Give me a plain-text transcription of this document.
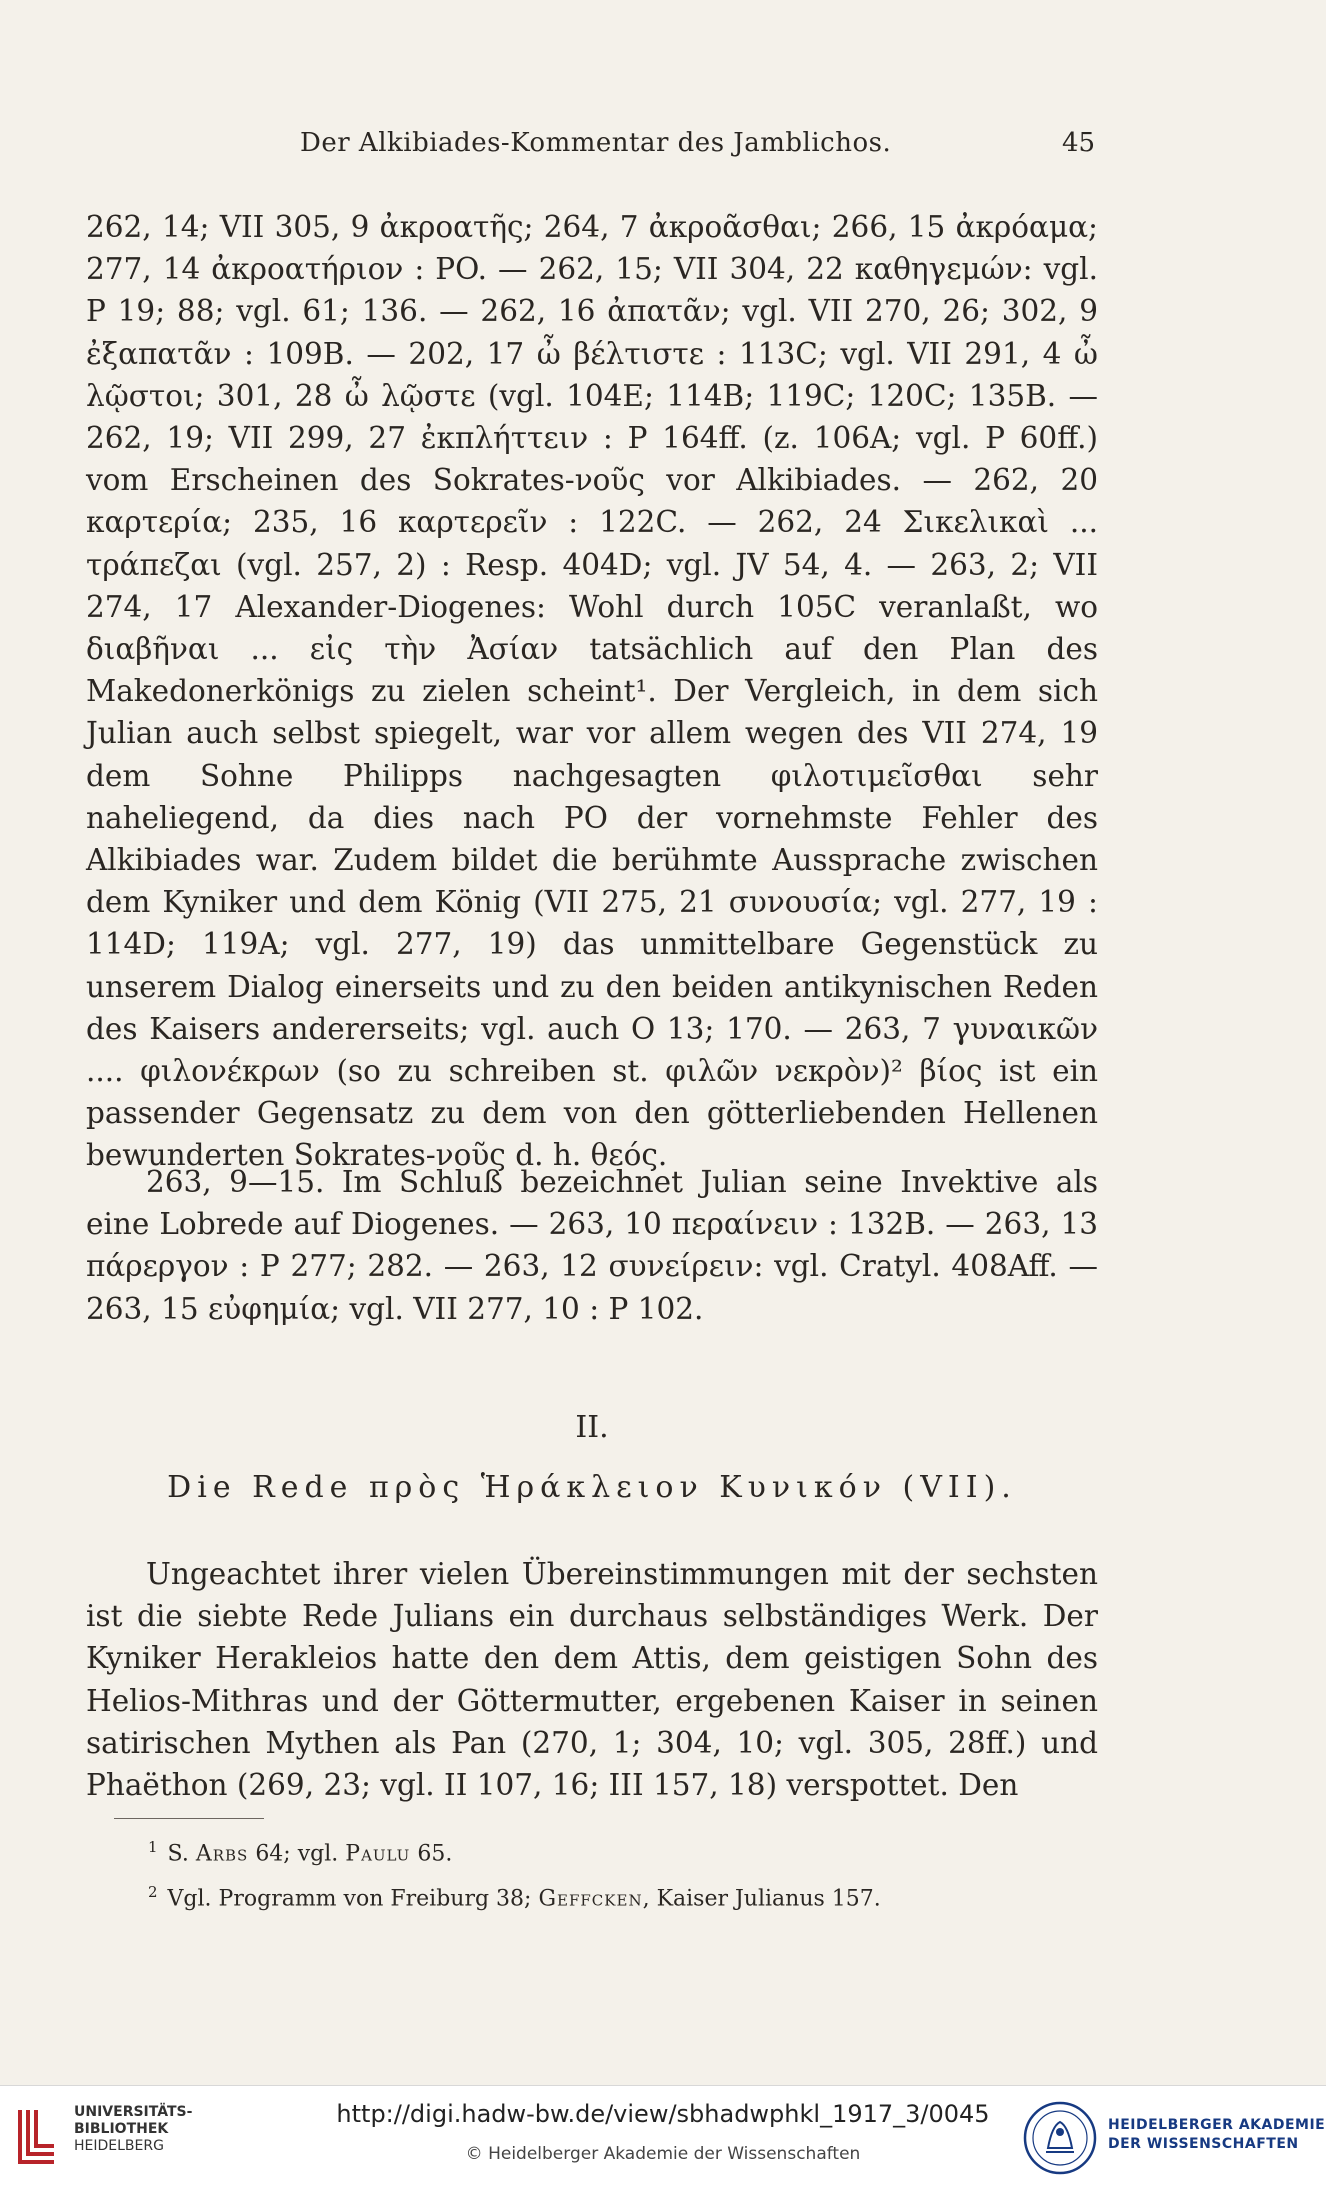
Der Alkibiades-Kommentar des Jamblichos.	45

262, 14; VII 305, 9 ἀκροατῆς; 264, 7 ἀκροᾶσθαι; 266, 15 ἀκρόαμα; 277, 14 ἀκροατήριον : PO. — 262, 15; VII 304, 22 καθηγεμών: vgl. P 19; 88; vgl. 61; 136. — 262, 16 ἀπατᾶν; vgl. VII 270, 26; 302, 9 ἐξαπατᾶν : 109B. — 202, 17 ὦ βέλτιστε : 113C; vgl. VII 291, 4 ὦ λῷστοι; 301, 28 ὦ λῷστε (vgl. 104E; 114B; 119C; 120C; 135B. — 262, 19; VII 299, 27 ἐκπλήττειν : P 164ff. (z. 106A; vgl. P 60ff.) vom Erscheinen des Sokrates-νοῦς vor Alkibiades. — 262, 20 καρτερία; 235, 16 καρτερεῖν : 122C. — 262, 24 Σικελικαὶ ... τράπεζαι (vgl. 257, 2) : Resp. 404D; vgl. JV 54, 4. — 263, 2; VII 274, 17 Alexander-Diogenes: Wohl durch 105C veranlaßt, wo διαβῆναι ... εἰς τὴν Ἀσίαν tatsächlich auf den Plan des Makedonerkönigs zu zielen scheint¹. Der Vergleich, in dem sich Julian auch selbst spiegelt, war vor allem wegen des VII 274, 19 dem Sohne Philipps nachgesagten φιλοτιμεῖσθαι sehr naheliegend, da dies nach PO der vornehmste Fehler des Alkibiades war. Zudem bildet die berühmte Aussprache zwischen dem Kyniker und dem König (VII 275, 21 συνουσία; vgl. 277, 19 : 114D; 119A; vgl. 277, 19) das unmittelbare Gegenstück zu unserem Dialog einerseits und zu den beiden antikynischen Reden des Kaisers andererseits; vgl. auch O 13; 170. — 263, 7 γυναικῶν .... φιλονέκρων (so zu schreiben st. φιλῶν νεκρὸν)² βίος ist ein passender Gegensatz zu dem von den götterliebenden Hellenen bewunderten Sokrates-νοῦς d. h. θεός.

263, 9—15. Im Schluß bezeichnet Julian seine Invektive als eine Lobrede auf Diogenes. — 263, 10 περαίνειν : 132B. — 263, 13 πάρεργον : P 277; 282. — 263, 12 συνείρειν: vgl. Cratyl. 408Aff. — 263, 15 εὐφημία; vgl. VII 277, 10 : P 102.

II.
Die Rede πρὸς Ἡράκλειον Κυνικόν (VII).

Ungeachtet ihrer vielen Übereinstimmungen mit der sechsten ist die siebte Rede Julians ein durchaus selbständiges Werk. Der Kyniker Herakleios hatte den dem Attis, dem geistigen Sohn des Helios-Mithras und der Göttermutter, ergebenen Kaiser in seinen satirischen Mythen als Pan (270, 1; 304, 10; vgl. 305, 28ff.) und Phaëthon (269, 23; vgl. II 107, 16; III 157, 18) verspottet. Den

$^1$ S. Arbs 64; vgl. Paulu 65.

$^2$ Vgl. Programm von Freiburg 38; Geffcken, Kaiser Julianus 157.

UNIVERSITÄTS-
BIBLIOTHEK
HEIDELBERG
http://digi.hadw-bw.de/view/sbhadwphkl_1917_3/0045
© Heidelberger Akademie der Wissenschaften
HEIDELBERGER AKADEMIE
DER WISSENSCHAFTEN
